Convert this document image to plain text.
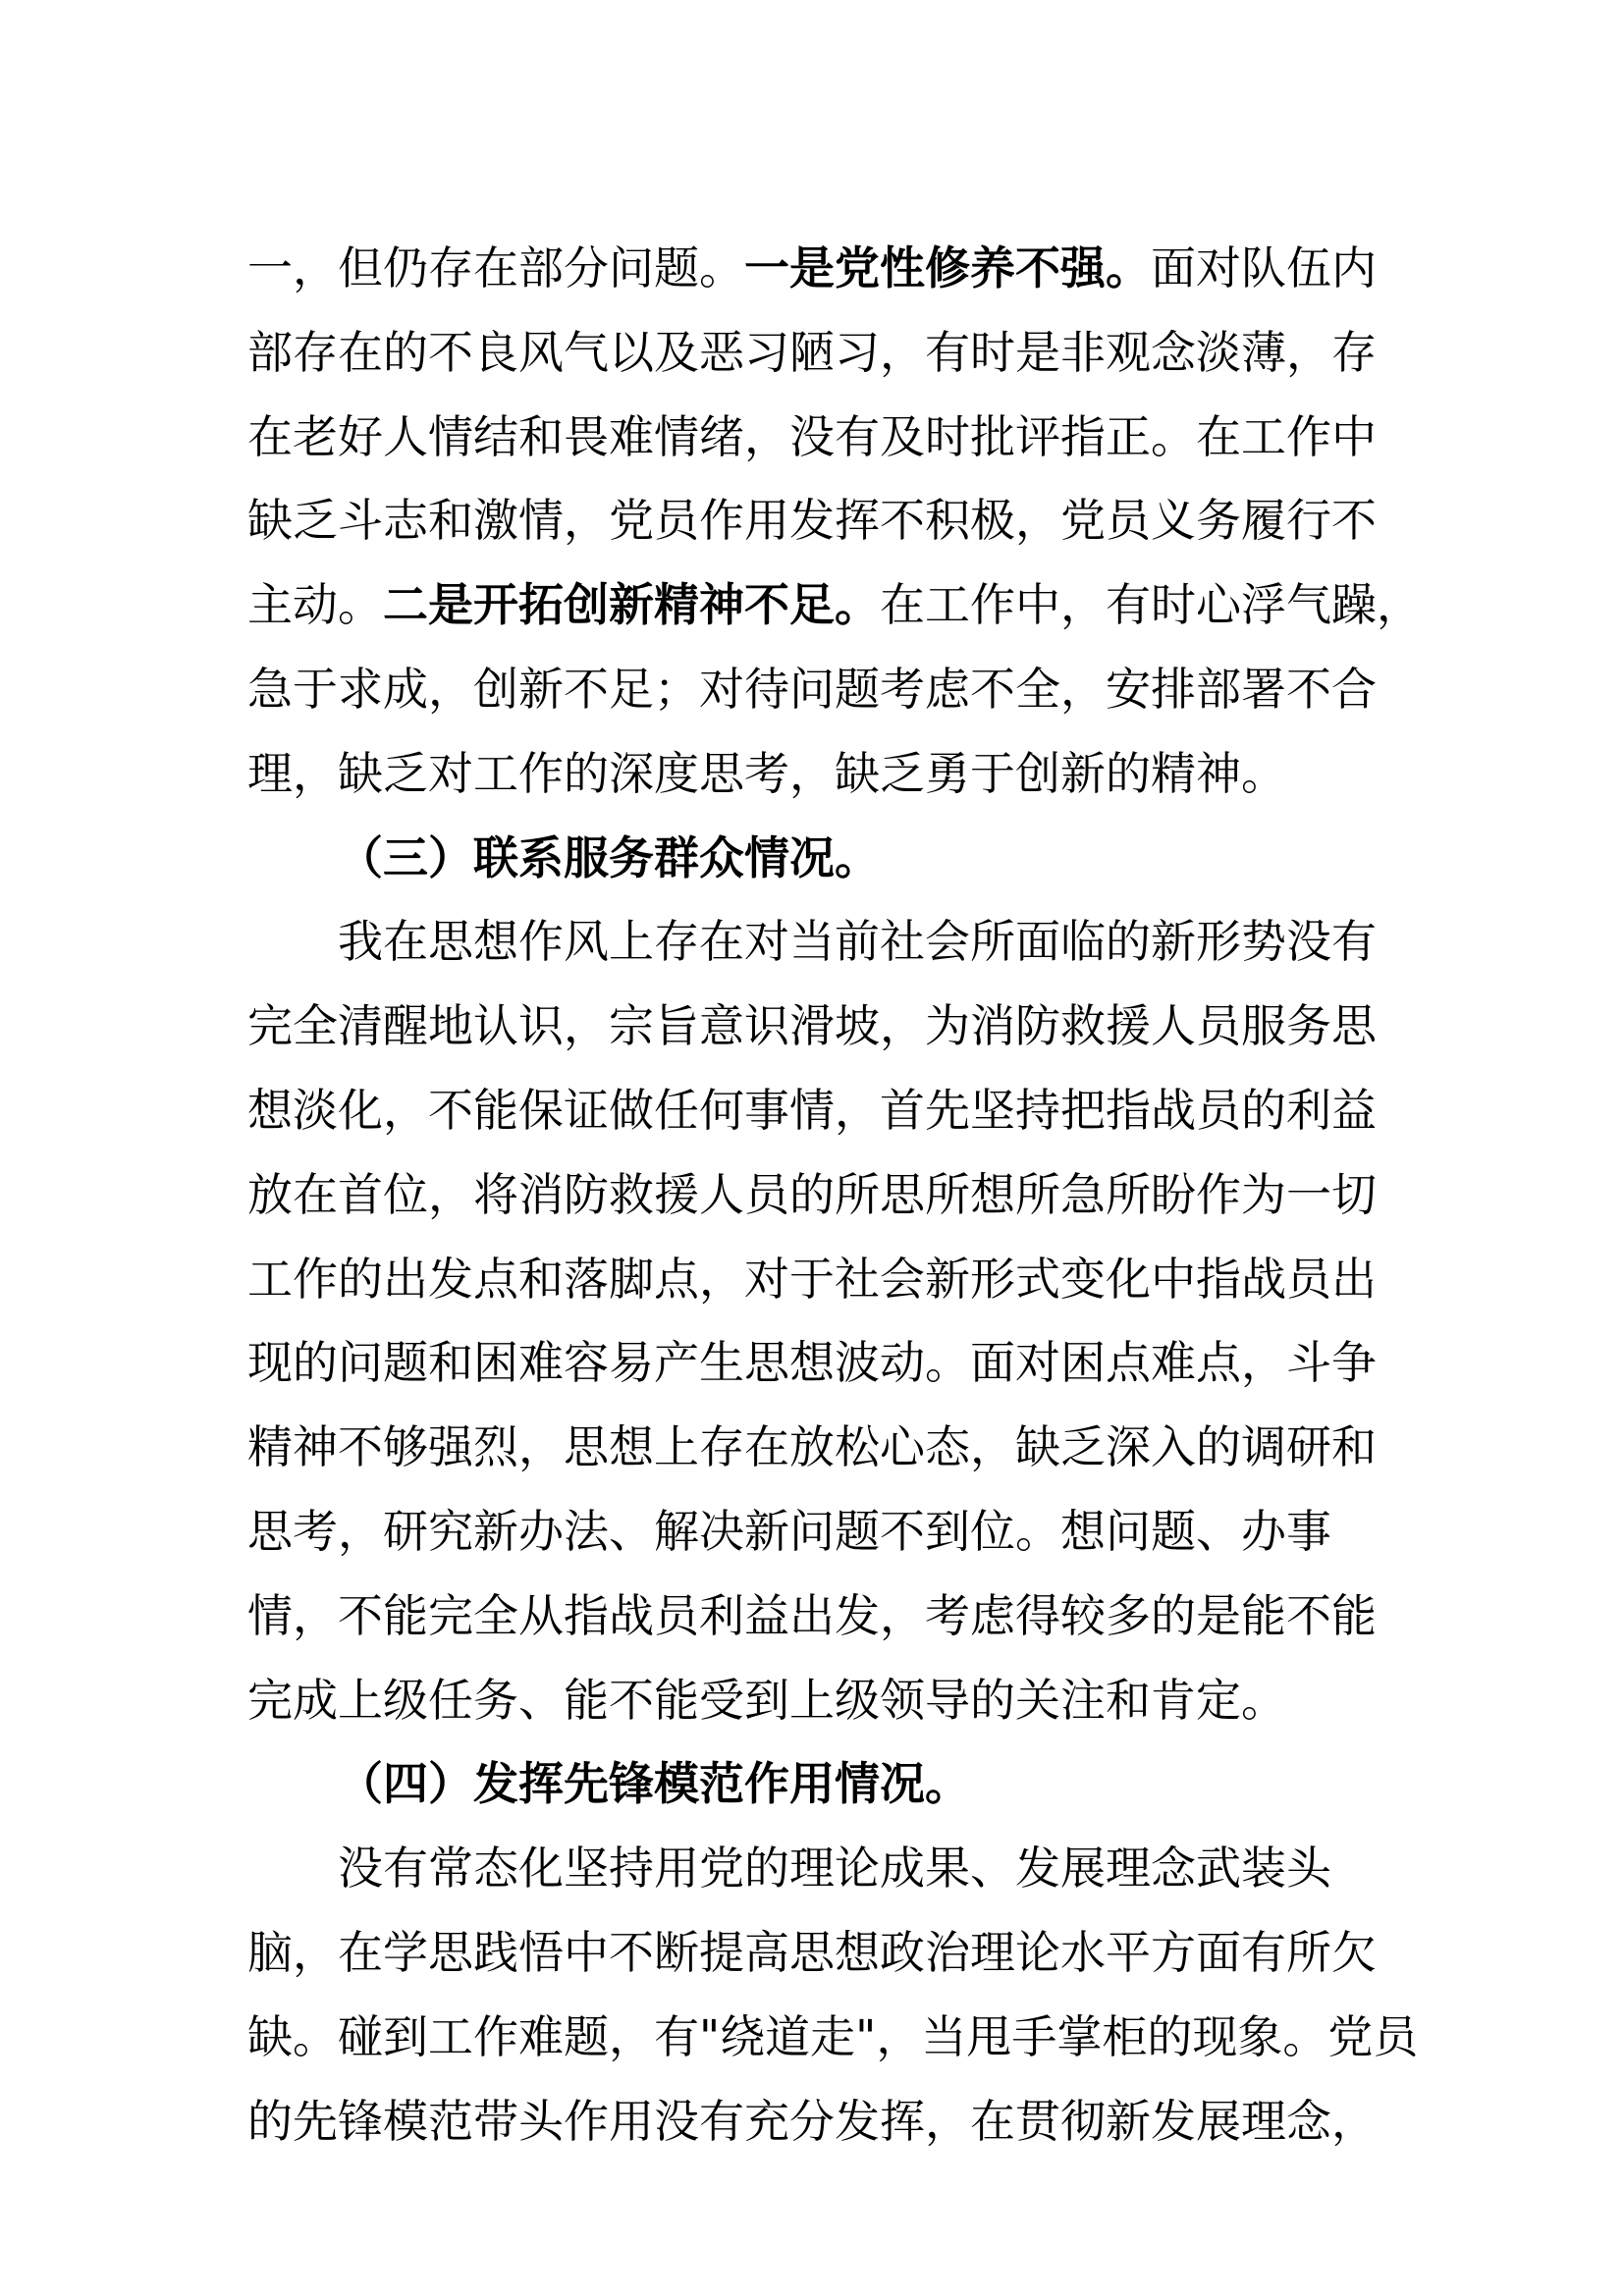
一，但仍存在部分问题。一是党性修养不强。面对队伍内
部存在的不良风气以及恶习陋习，有时是非观念淡薄，存
在老好人情结和畏难情绪，没有及时批评指正。在工作中
缺乏斗志和激情，党员作用发挥不积极，党员义务履行不
主动。二是开拓创新精神不足。在工作中，有时心浮气躁，
急于求成，创新不足；对待问题考虑不全，安排部署不合
理，缺乏对工作的深度思考，缺乏勇于创新的精神。
（三）联系服务群众情况。
我在思想作风上存在对当前社会所面临的新形势没有
完全清醒地认识，宗旨意识滑坡，为消防救援人员服务思
想淡化，不能保证做任何事情，首先坚持把指战员的利益
放在首位，将消防救援人员的所思所想所急所盼作为一切
工作的出发点和落脚点，对于社会新形式变化中指战员出
现的问题和困难容易产生思想波动。面对困点难点，斗争
精神不够强烈，思想上存在放松心态，缺乏深入的调研和
思考，研究新办法、解决新问题不到位。想问题、办事
情，不能完全从指战员利益出发，考虑得较多的是能不能
完成上级任务、能不能受到上级领导的关注和肯定。
（四）发挥先锋模范作用情况。
没有常态化坚持用党的理论成果、发展理念武装头
脑，在学思践悟中不断提高思想政治理论水平方面有所欠
缺。碰到工作难题，有"绕道走"，当甩手掌柜的现象。党员
的先锋模范带头作用没有充分发挥，在贯彻新发展理念，
